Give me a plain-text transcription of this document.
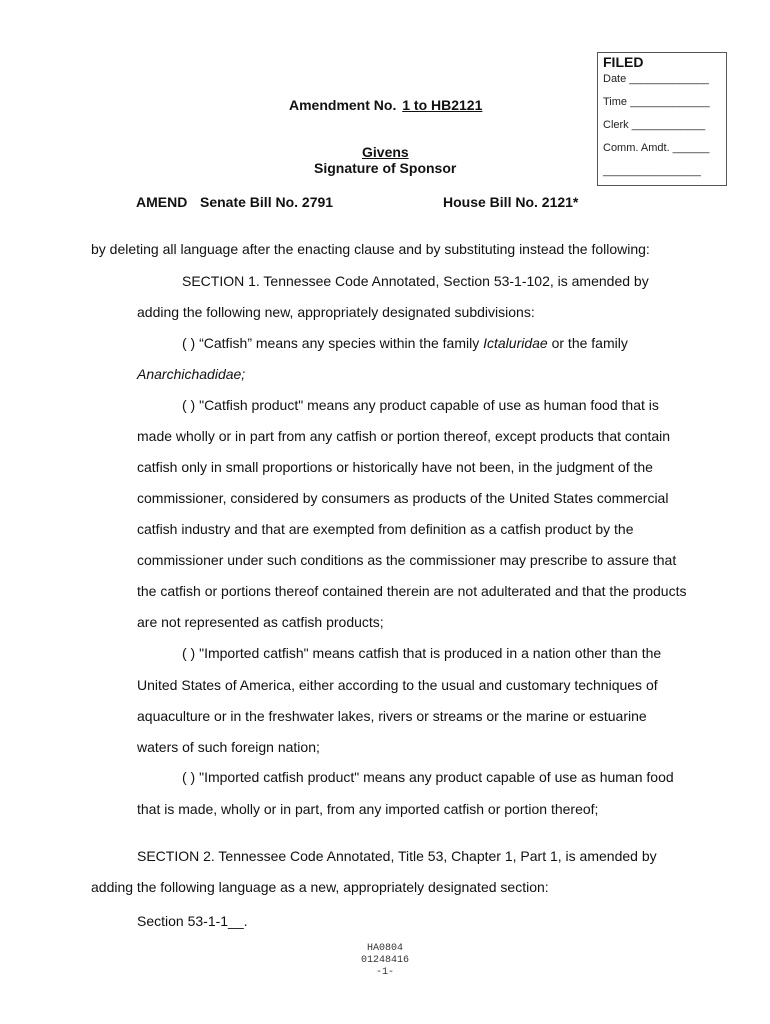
FILED
Date _____________
Time _____________
Clerk ____________
Comm. Amdt. ______
________________
Amendment No. 1 to HB2121
Givens
Signature of Sponsor
AMEND Senate Bill No. 2791	House Bill No. 2121*
by deleting all language after the enacting clause and by substituting instead the following:
SECTION 1. Tennessee Code Annotated, Section 53-1-102, is amended by
adding the following new, appropriately designated subdivisions:
( ) “Catfish” means any species within the family Ictaluridae or the family
Anarchichadidae;
( ) "Catfish product" means any product capable of use as human food that is
made wholly or in part from any catfish or portion thereof, except products that contain
catfish only in small proportions or historically have not been, in the judgment of the
commissioner, considered by consumers as products of the United States commercial
catfish industry and that are exempted from definition as a catfish product by the
commissioner under such conditions as the commissioner may prescribe to assure that
the catfish or portions thereof contained therein are not adulterated and that the products
are not represented as catfish products;
( ) "Imported catfish" means catfish that is produced in a nation other than the
United States of America, either according to the usual and customary techniques of
aquaculture or in the freshwater lakes, rivers or streams or the marine or estuarine
waters of such foreign nation;
( ) "Imported catfish product" means any product capable of use as human food
that is made, wholly or in part, from any imported catfish or portion thereof;
SECTION 2. Tennessee Code Annotated, Title 53, Chapter 1, Part 1, is amended by
adding the following language as a new, appropriately designated section:
Section 53-1-1__.
HA0804
01248416
-1-
